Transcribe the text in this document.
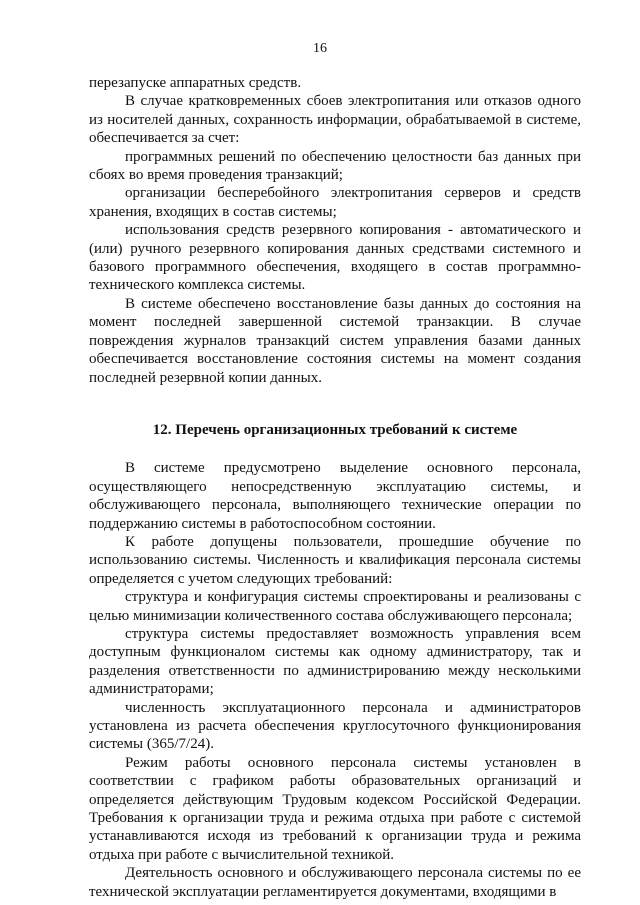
16

перезапуске аппаратных средств.

В случае кратковременных сбоев электропитания или отказов одного из носителей данных, сохранность информации, обрабатываемой в системе, обеспечивается за счет:

программных решений по обеспечению целостности баз данных при сбоях во время проведения транзакций;

организации бесперебойного электропитания серверов и средств хранения, входящих в состав системы;

использования средств резервного копирования - автоматического и (или) ручного резервного копирования данных средствами системного и базового программного обеспечения, входящего в состав программно-технического комплекса системы.

В системе обеспечено восстановление базы данных до состояния на момент последней завершенной системой транзакции. В случае повреждения журналов транзакций систем управления базами данных обеспечивается восстановление состояния системы на момент создания последней резервной копии данных.

12. Перечень организационных требований к системе

В системе предусмотрено выделение основного персонала, осуществляющего непосредственную эксплуатацию системы, и обслуживающего персонала, выполняющего технические операции по поддержанию системы в работоспособном состоянии.

К работе допущены пользователи, прошедшие обучение по использованию системы. Численность и квалификация персонала системы определяется с учетом следующих требований:

структура и конфигурация системы спроектированы и реализованы с целью минимизации количественного состава обслуживающего персонала;

структура системы предоставляет возможность управления всем доступным функционалом системы как одному администратору, так и разделения ответственности по администрированию между несколькими администраторами;

численность эксплуатационного персонала и администраторов установлена из расчета обеспечения круглосуточного функционирования системы (365/7/24).

Режим работы основного персонала системы установлен в соответствии с графиком работы образовательных организаций и определяется действующим Трудовым кодексом Российской Федерации. Требования к организации труда и режима отдыха при работе с системой устанавливаются исходя из требований к организации труда и режима отдыха при работе с вычислительной техникой.

Деятельность основного и обслуживающего персонала системы по ее технической эксплуатации регламентируется документами, входящими в
